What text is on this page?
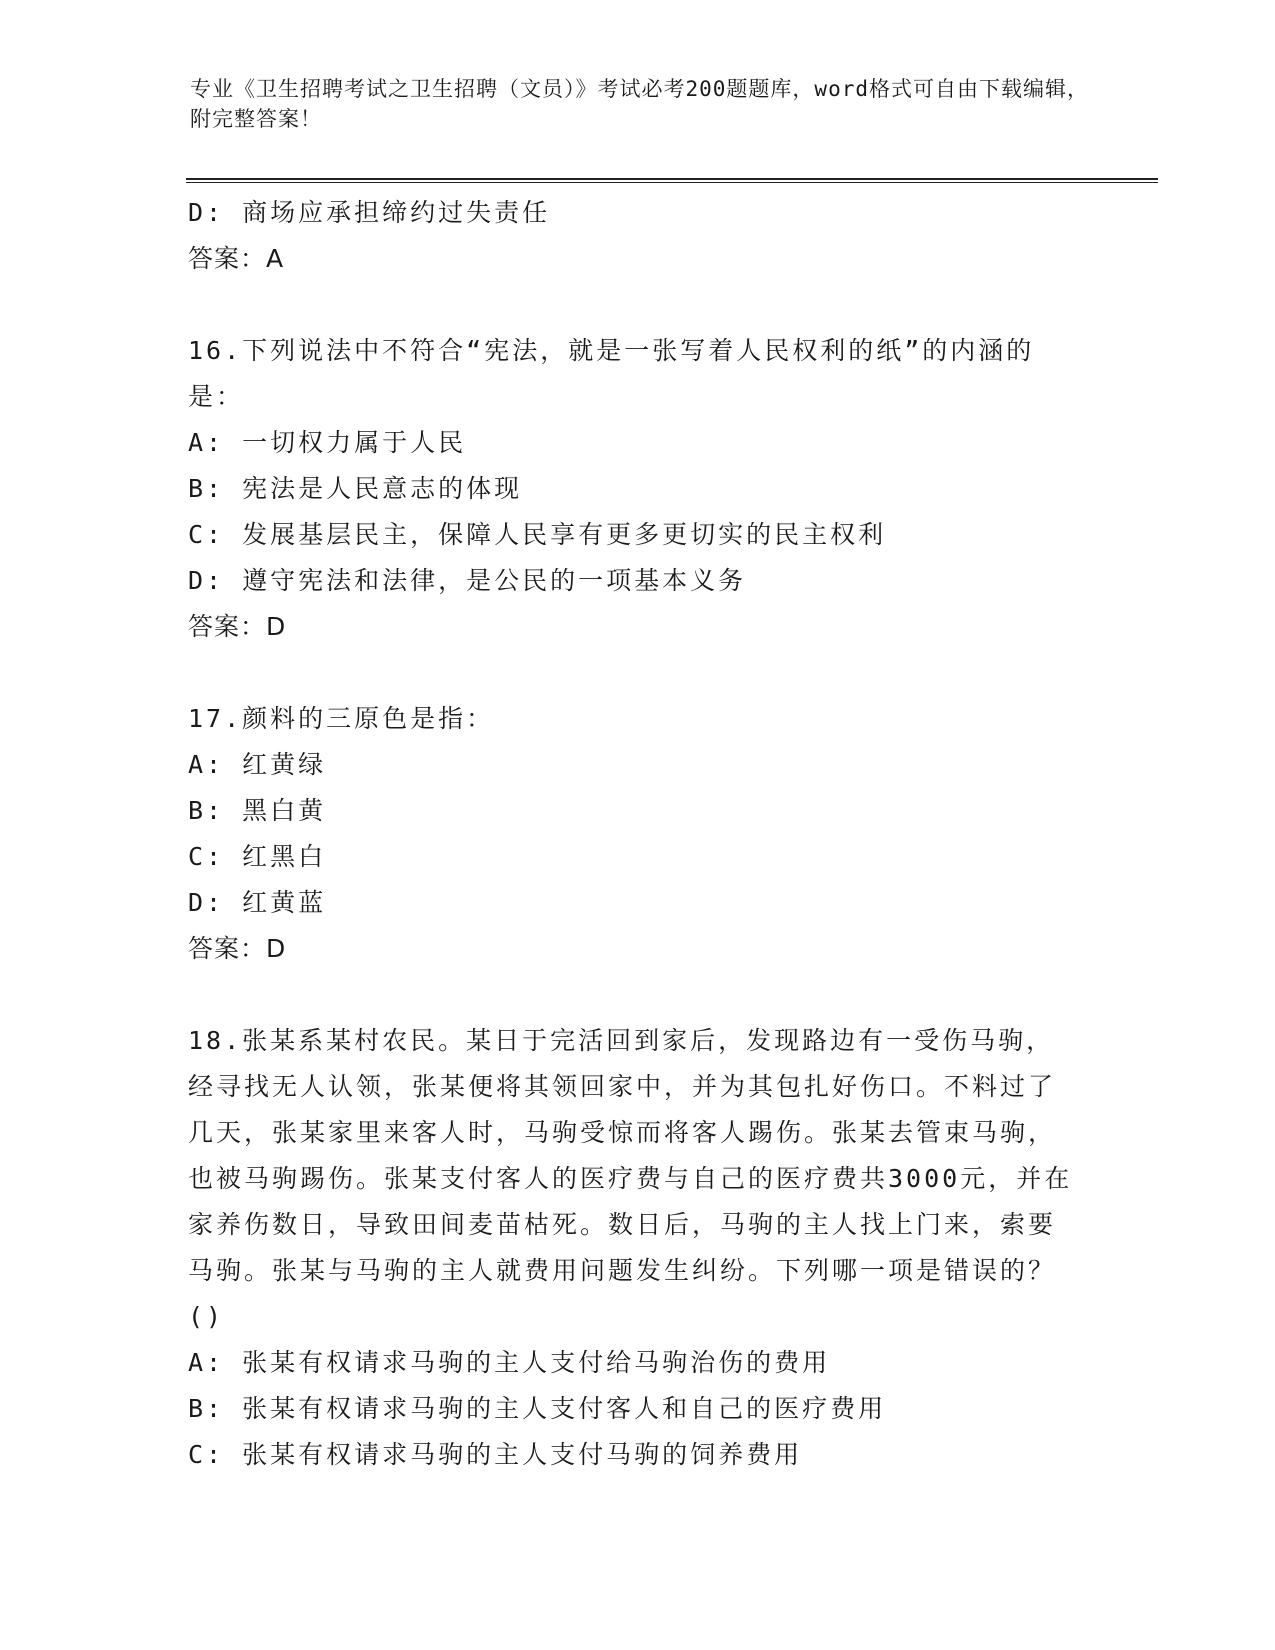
专业《卫生招聘考试之卫生招聘（文员）》考试必考200题题库，word格式可自由下载编辑，附完整答案！

D: 商场应承担缔约过失责任

答案：A

16.下列说法中不符合“宪法，就是一张写着人民权利的纸”的内涵的是：

A: 一切权力属于人民

B: 宪法是人民意志的体现

C: 发展基层民主，保障人民享有更多更切实的民主权利

D: 遵守宪法和法律，是公民的一项基本义务

答案：D

17.颜料的三原色是指：

A: 红黄绿

B: 黑白黄

C: 红黑白

D: 红黄蓝

答案：D

18.张某系某村农民。某日于完活回到家后，发现路边有一受伤马驹，经寻找无人认领，张某便将其领回家中，并为其包扎好伤口。不料过了几天，张某家里来客人时，马驹受惊而将客人踢伤。张某去管束马驹，也被马驹踢伤。张某支付客人的医疗费与自己的医疗费共3000元，并在家养伤数日，导致田间麦苗枯死。数日后，马驹的主人找上门来，索要马驹。张某与马驹的主人就费用问题发生纠纷。下列哪一项是错误的？()

A: 张某有权请求马驹的主人支付给马驹治伤的费用

B: 张某有权请求马驹的主人支付客人和自己的医疗费用

C: 张某有权请求马驹的主人支付马驹的饲养费用
